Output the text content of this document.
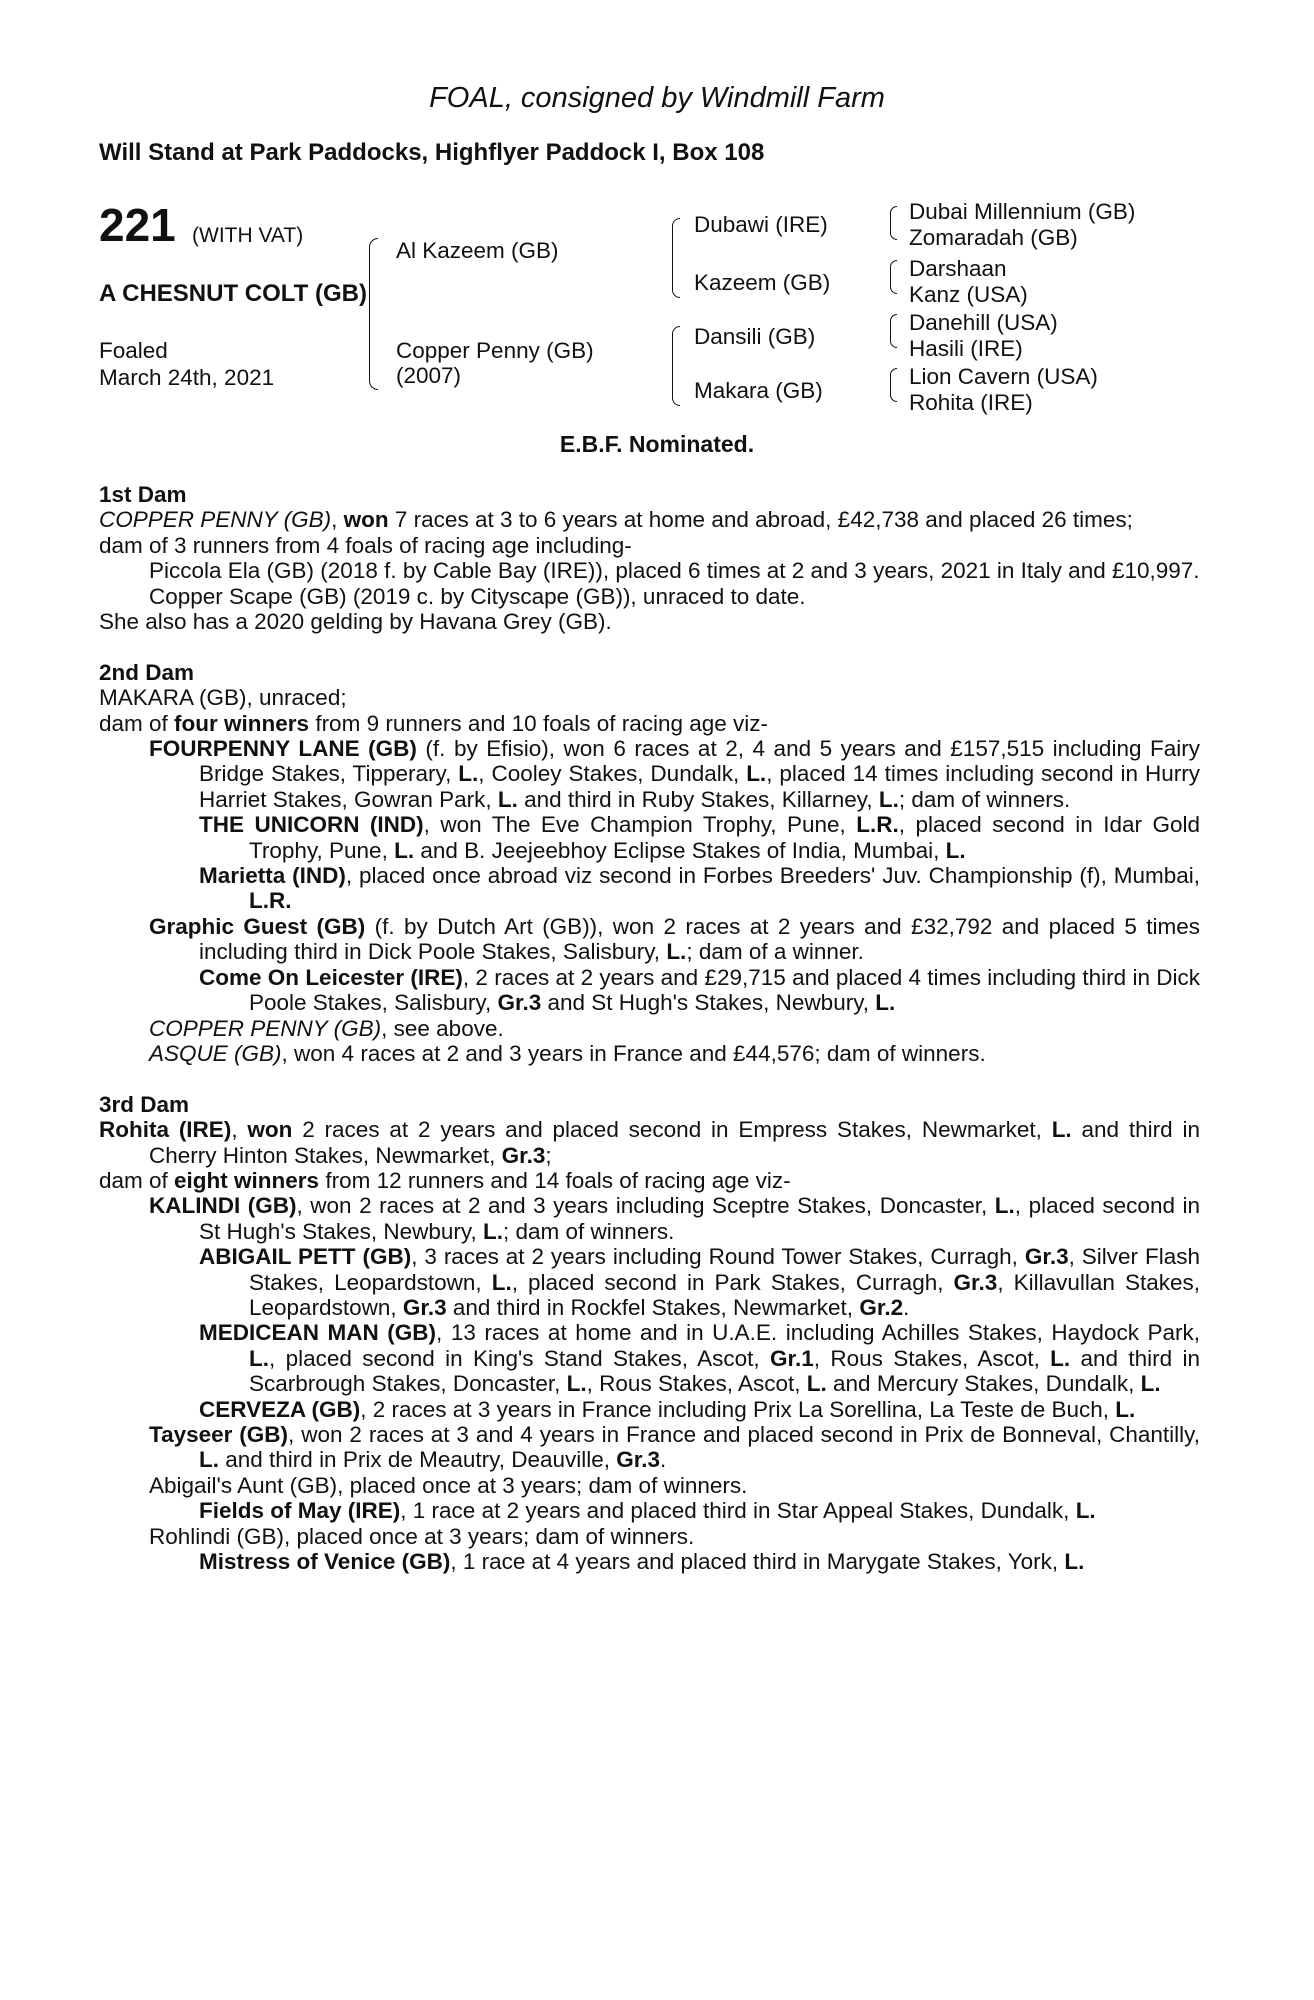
FOAL, consigned by Windmill Farm
Will Stand at Park Paddocks, Highflyer Paddock I, Box 108
221 (WITH VAT)
A CHESNUT COLT (GB)
Foaled
March 24th, 2021
Al Kazeem (GB)
Copper Penny (GB)
(2007)
Dubawi (IRE)
Kazeem (GB)
Dansili (GB)
Makara (GB)
Dubai Millennium (GB)
Zomaradah (GB)
Darshaan
Kanz (USA)
Danehill (USA)
Hasili (IRE)
Lion Cavern (USA)
Rohita (IRE)
E.B.F. Nominated.
1st Dam
COPPER PENNY (GB), won 7 races at 3 to 6 years at home and abroad, £42,738 and placed 26 times;
dam of 3 runners from 4 foals of racing age including-
Piccola Ela (GB) (2018 f. by Cable Bay (IRE)), placed 6 times at 2 and 3 years, 2021 in Italy and £10,997.
Copper Scape (GB) (2019 c. by Cityscape (GB)), unraced to date.
She also has a 2020 gelding by Havana Grey (GB).
2nd Dam
MAKARA (GB), unraced;
dam of four winners from 9 runners and 10 foals of racing age viz-
FOURPENNY LANE (GB) (f. by Efisio), won 6 races at 2, 4 and 5 years and £157,515 including Fairy Bridge Stakes, Tipperary, L., Cooley Stakes, Dundalk, L., placed 14 times including second in Hurry Harriet Stakes, Gowran Park, L. and third in Ruby Stakes, Killarney, L.; dam of winners.
THE UNICORN (IND), won The Eve Champion Trophy, Pune, L.R., placed second in Idar Gold Trophy, Pune, L. and B. Jeejeebhoy Eclipse Stakes of India, Mumbai, L.
Marietta (IND), placed once abroad viz second in Forbes Breeders' Juv. Championship (f), Mumbai, L.R.
Graphic Guest (GB) (f. by Dutch Art (GB)), won 2 races at 2 years and £32,792 and placed 5 times including third in Dick Poole Stakes, Salisbury, L.; dam of a winner.
Come On Leicester (IRE), 2 races at 2 years and £29,715 and placed 4 times including third in Dick Poole Stakes, Salisbury, Gr.3 and St Hugh's Stakes, Newbury, L.
COPPER PENNY (GB), see above.
ASQUE (GB), won 4 races at 2 and 3 years in France and £44,576; dam of winners.
3rd Dam
Rohita (IRE), won 2 races at 2 years and placed second in Empress Stakes, Newmarket, L. and third in Cherry Hinton Stakes, Newmarket, Gr.3;
dam of eight winners from 12 runners and 14 foals of racing age viz-
KALINDI (GB), won 2 races at 2 and 3 years including Sceptre Stakes, Doncaster, L., placed second in St Hugh's Stakes, Newbury, L.; dam of winners.
ABIGAIL PETT (GB), 3 races at 2 years including Round Tower Stakes, Curragh, Gr.3, Silver Flash Stakes, Leopardstown, L., placed second in Park Stakes, Curragh, Gr.3, Killavullan Stakes, Leopardstown, Gr.3 and third in Rockfel Stakes, Newmarket, Gr.2.
MEDICEAN MAN (GB), 13 races at home and in U.A.E. including Achilles Stakes, Haydock Park, L., placed second in King's Stand Stakes, Ascot, Gr.1, Rous Stakes, Ascot, L. and third in Scarbrough Stakes, Doncaster, L., Rous Stakes, Ascot, L. and Mercury Stakes, Dundalk, L.
CERVEZA (GB), 2 races at 3 years in France including Prix La Sorellina, La Teste de Buch, L.
Tayseer (GB), won 2 races at 3 and 4 years in France and placed second in Prix de Bonneval, Chantilly, L. and third in Prix de Meautry, Deauville, Gr.3.
Abigail's Aunt (GB), placed once at 3 years; dam of winners.
Fields of May (IRE), 1 race at 2 years and placed third in Star Appeal Stakes, Dundalk, L.
Rohlindi (GB), placed once at 3 years; dam of winners.
Mistress of Venice (GB), 1 race at 4 years and placed third in Marygate Stakes, York, L.
